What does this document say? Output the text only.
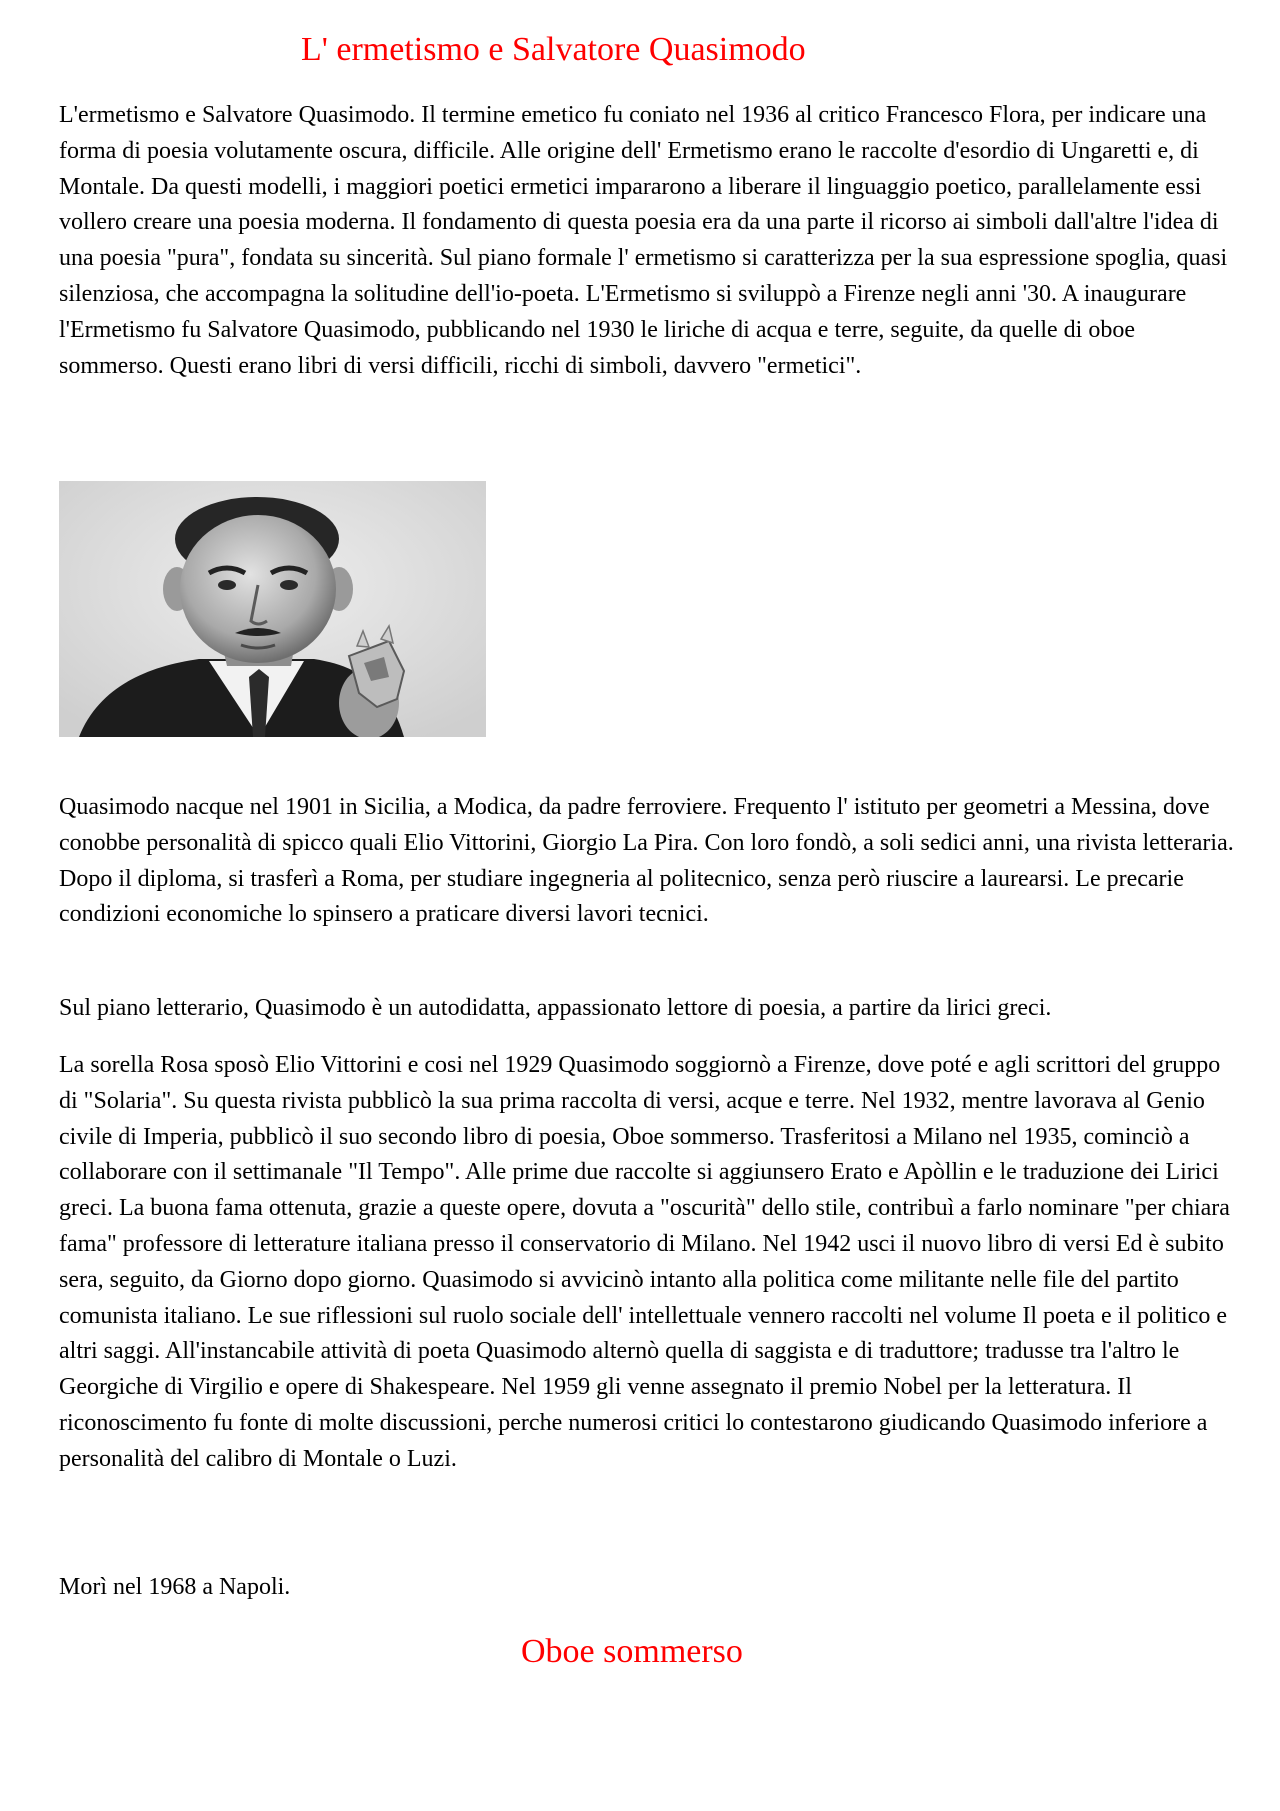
L' ermetismo e Salvatore Quasimodo

L'ermetismo e Salvatore Quasimodo. Il termine emetico fu coniato nel 1936 al critico Francesco Flora, per indicare una forma di poesia volutamente oscura, difficile. Alle origine dell' Ermetismo erano le raccolte d'esordio di Ungaretti e, di Montale. Da questi modelli, i maggiori poetici ermetici impararono a liberare il linguaggio poetico, parallelamente essi vollero creare una poesia moderna. Il fondamento di questa poesia era da una parte il ricorso ai simboli dall'altre l'idea di una poesia "pura", fondata su sincerità. Sul piano formale l' ermetismo si caratterizza per la sua espressione spoglia, quasi silenziosa, che accompagna la solitudine dell'io-poeta. L'Ermetismo si sviluppò a Firenze negli anni '30. A inaugurare l'Ermetismo fu Salvatore Quasimodo, pubblicando nel 1930 le liriche di acqua e terre, seguite, da quelle di oboe sommerso. Questi erano libri di versi difficili, ricchi di simboli, davvero "ermetici".

Quasimodo nacque nel 1901 in Sicilia, a Modica, da padre ferroviere. Frequento l' istituto per geometri a Messina, dove conobbe personalità di spicco quali Elio Vittorini, Giorgio La Pira. Con loro fondò, a soli sedici anni, una rivista letteraria. Dopo il diploma, si trasferì a Roma, per studiare ingegneria al politecnico, senza però riuscire a laurearsi. Le precarie condizioni economiche lo spinsero a praticare diversi lavori tecnici.

Sul piano letterario, Quasimodo è un autodidatta, appassionato lettore di poesia, a partire da lirici greci.

La sorella Rosa sposò Elio Vittorini e cosi nel 1929 Quasimodo soggiornò a Firenze, dove poté e agli scrittori del gruppo di "Solaria". Su questa rivista pubblicò la sua prima raccolta di versi, acque e terre. Nel 1932, mentre lavorava al Genio civile di Imperia, pubblicò il suo secondo libro di poesia, Oboe sommerso. Trasferitosi a Milano nel 1935, cominciò a collaborare con il settimanale "Il Tempo". Alle prime due raccolte si aggiunsero Erato e Apòllin e le traduzione dei Lirici greci. La buona fama ottenuta, grazie a queste opere, dovuta a "oscurità" dello stile, contribuì a farlo nominare "per chiara fama" professore di letterature italiana presso il conservatorio di Milano. Nel 1942 usci il nuovo libro di versi Ed è subito sera, seguito, da Giorno dopo giorno. Quasimodo si avvicinò intanto alla politica come militante nelle file del partito comunista italiano. Le sue riflessioni sul ruolo sociale dell' intellettuale vennero raccolti nel volume Il poeta e il politico e altri saggi. All'instancabile attività di poeta Quasimodo alternò quella di saggista e di traduttore; tradusse tra l'altro le Georgiche di Virgilio e opere di Shakespeare. Nel 1959 gli venne assegnato il premio Nobel per la letteratura. Il riconoscimento fu fonte di molte discussioni, perche numerosi critici lo contestarono giudicando Quasimodo inferiore a personalità del calibro di Montale o Luzi.

Morì nel 1968 a Napoli.

Oboe sommerso
